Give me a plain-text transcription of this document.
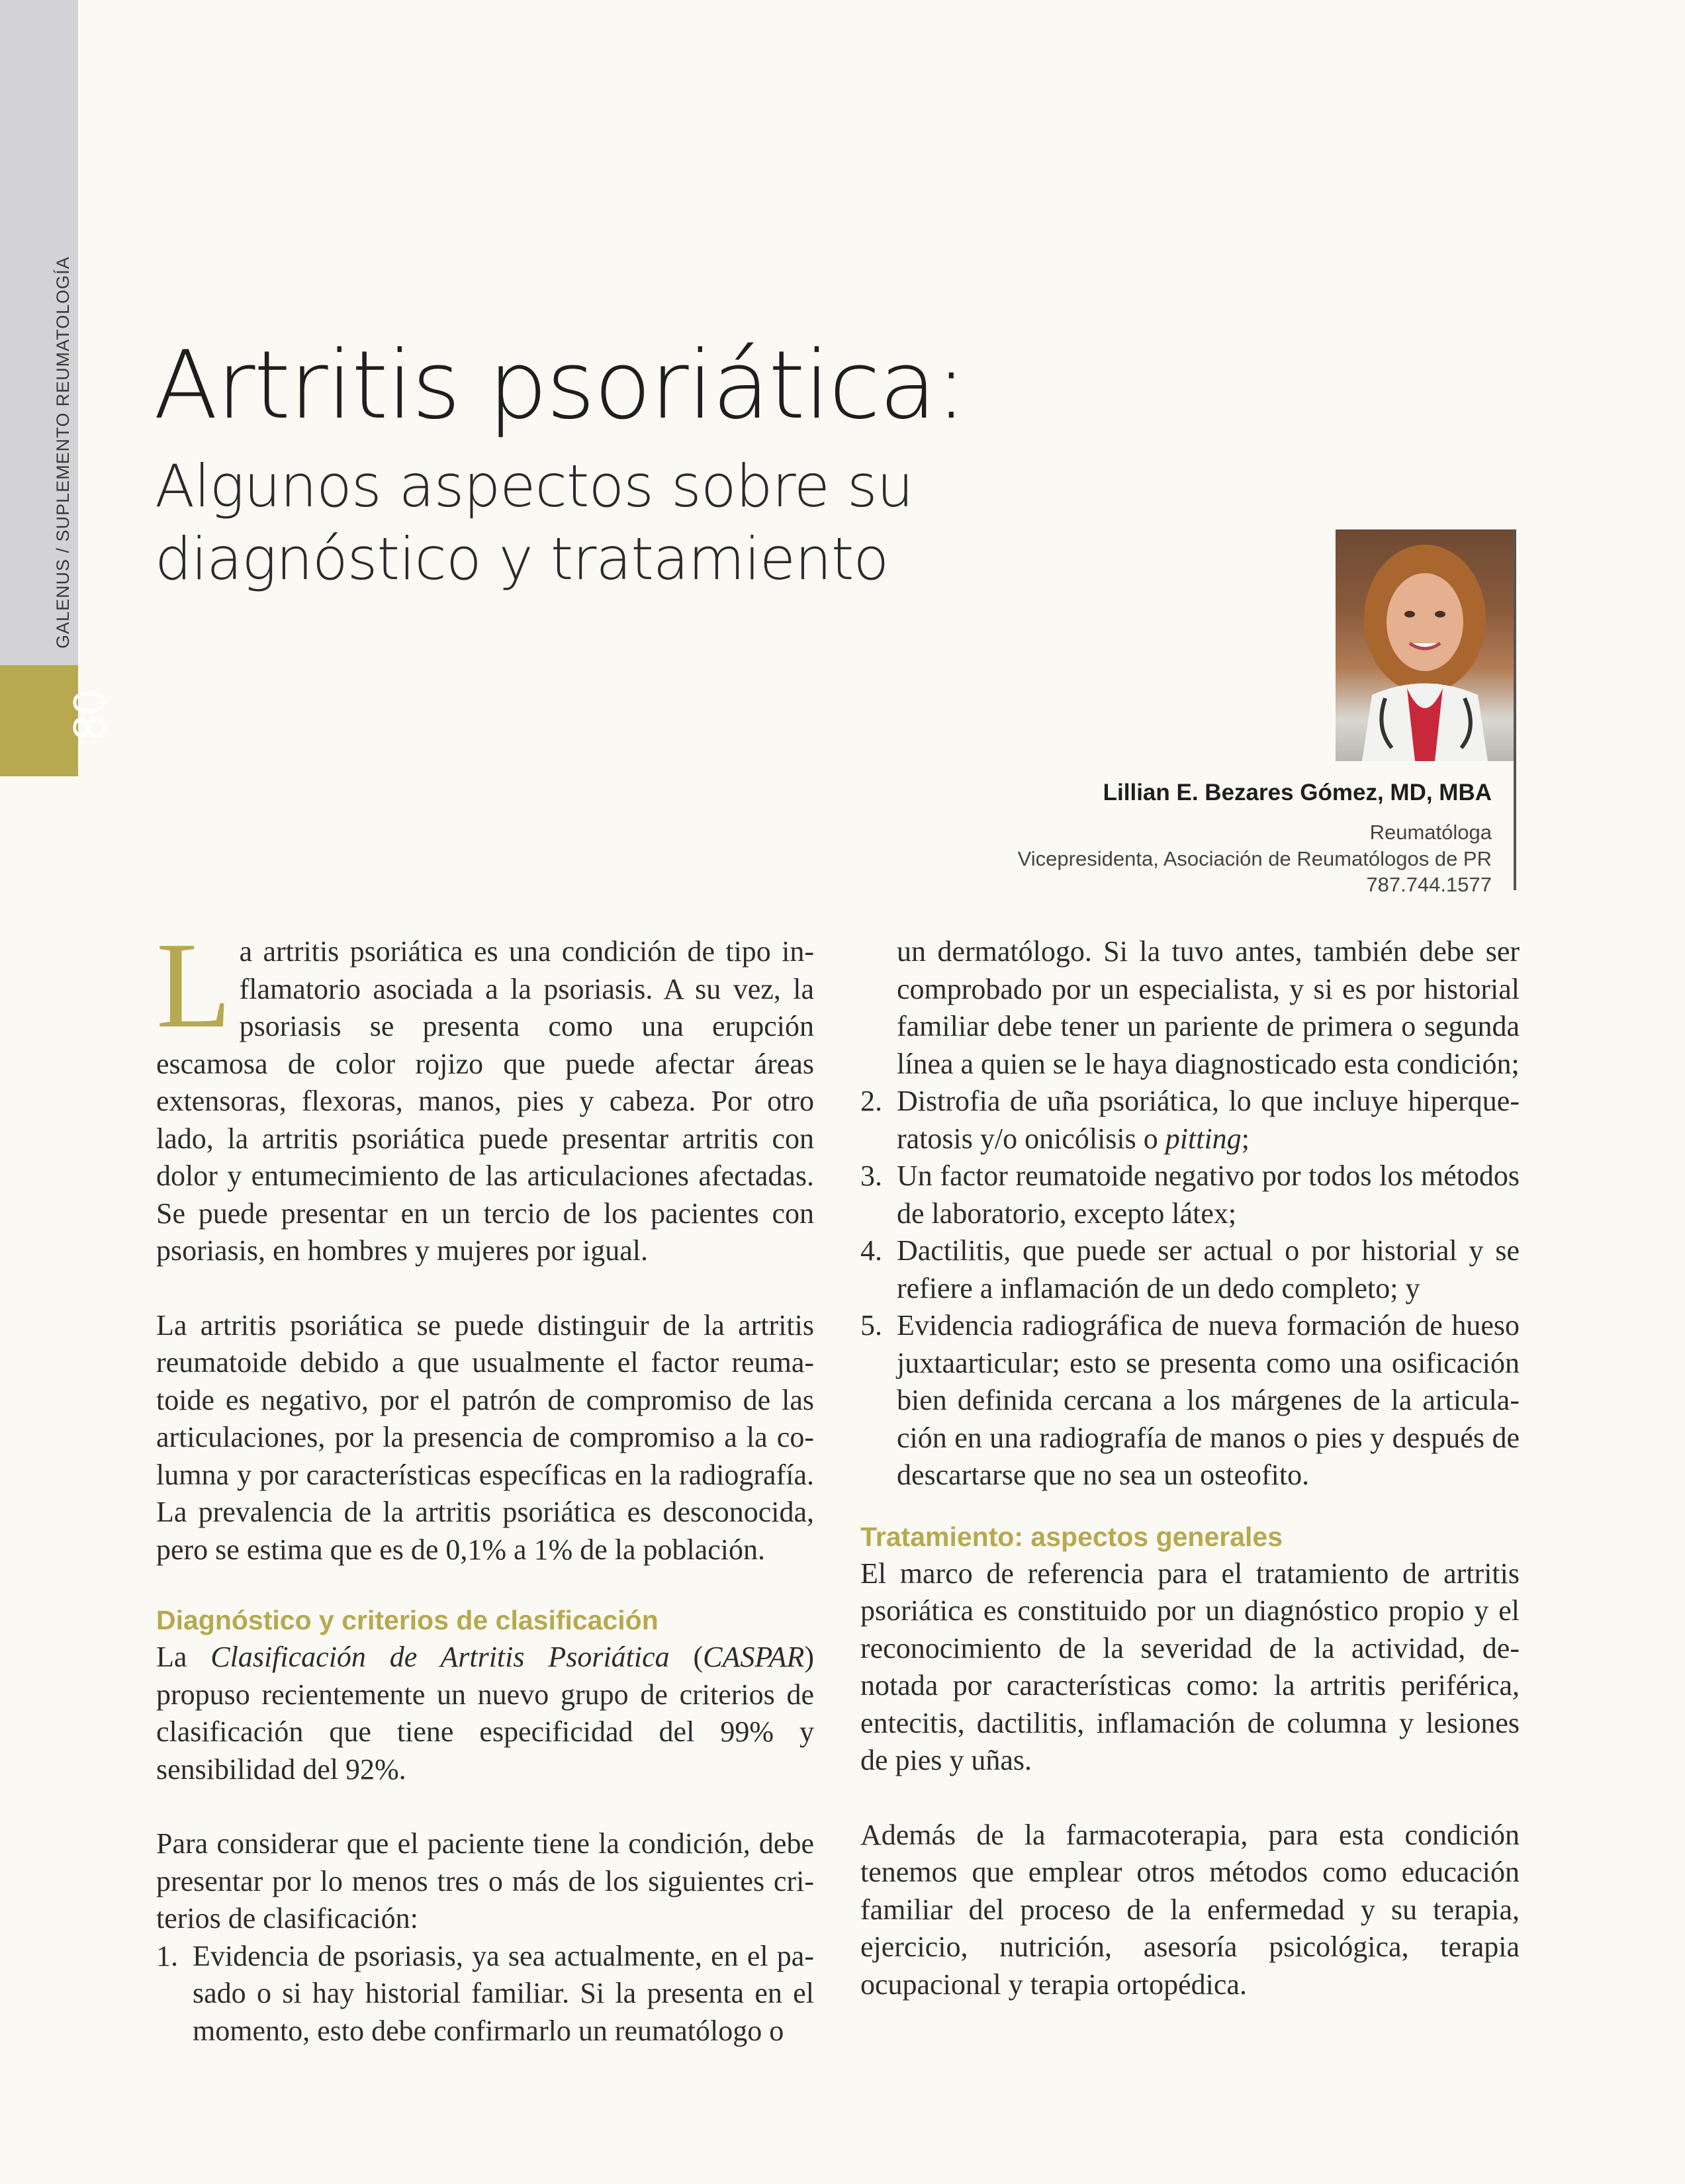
GALENUS / SUPLEMENTO REUMATOLOGÍA
80
Artritis psoriática:
Algunos aspectos sobre su diagnóstico y tratamiento
Lillian E. Bezares Gómez, MD, MBA
Reumatóloga
Vicepresidenta, Asociación de Reumatólogos de PR
787.744.1577

La artritis psoriática es una condición de tipo inflamatorio asociada a la psoriasis. A su vez, la psoriasis se presenta como una erupción escamosa de color rojizo que puede afectar áreas extensoras, flexoras, manos, pies y cabeza. Por otro lado, la artritis psoriática puede presentar artritis con dolor y entumecimiento de las articulaciones afectadas. Se puede presentar en un tercio de los pacientes con psoriasis, en hombres y mujeres por igual.

La artritis psoriática se puede distinguir de la artritis reumatoide debido a que usualmente el factor reumatoide es negativo, por el patrón de compromiso de las articulaciones, por la presencia de compromiso a la columna y por características específicas en la radiografía. La prevalencia de la artritis psoriática es desconocida, pero se estima que es de 0,1% a 1% de la población.

Diagnóstico y criterios de clasificación

La Clasificación de Artritis Psoriática (CASPAR) propuso recientemente un nuevo grupo de criterios de clasificación que tiene especificidad del 99% y sensibilidad del 92%.

Para considerar que el paciente tiene la condición, debe presentar por lo menos tres o más de los siguientes criterios de clasificación:

1. Evidencia de psoriasis, ya sea actualmente, en el pasado o si hay historial familiar. Si la presenta en el momento, esto debe confirmarlo un reumatólogo o

un dermatólogo. Si la tuvo antes, también debe ser comprobado por un especialista, y si es por historial familiar debe tener un pariente de primera o segunda línea a quien se le haya diagnosticado esta condición;

2. Distrofia de uña psoriática, lo que incluye hiperqueratosis y/o onicólisis o pitting;
3. Un factor reumatoide negativo por todos los métodos de laboratorio, excepto látex;
4. Dactilitis, que puede ser actual o por historial y se refiere a inflamación de un dedo completo; y
5. Evidencia radiográfica de nueva formación de hueso juxtaarticular; esto se presenta como una osificación bien definida cercana a los márgenes de la articulación en una radiografía de manos o pies y después de descartarse que no sea un osteofito.
Tratamiento: aspectos generales

El marco de referencia para el tratamiento de artritis psoriática es constituido por un diagnóstico propio y el reconocimiento de la severidad de la actividad, denotada por características como: la artritis periférica, entecitis, dactilitis, inflamación de columna y lesiones de pies y uñas.

Además de la farmacoterapia, para esta condición tenemos que emplear otros métodos como educación familiar del proceso de la enfermedad y su terapia, ejercicio, nutrición, asesoría psicológica, terapia ocupacional y terapia ortopédica.
